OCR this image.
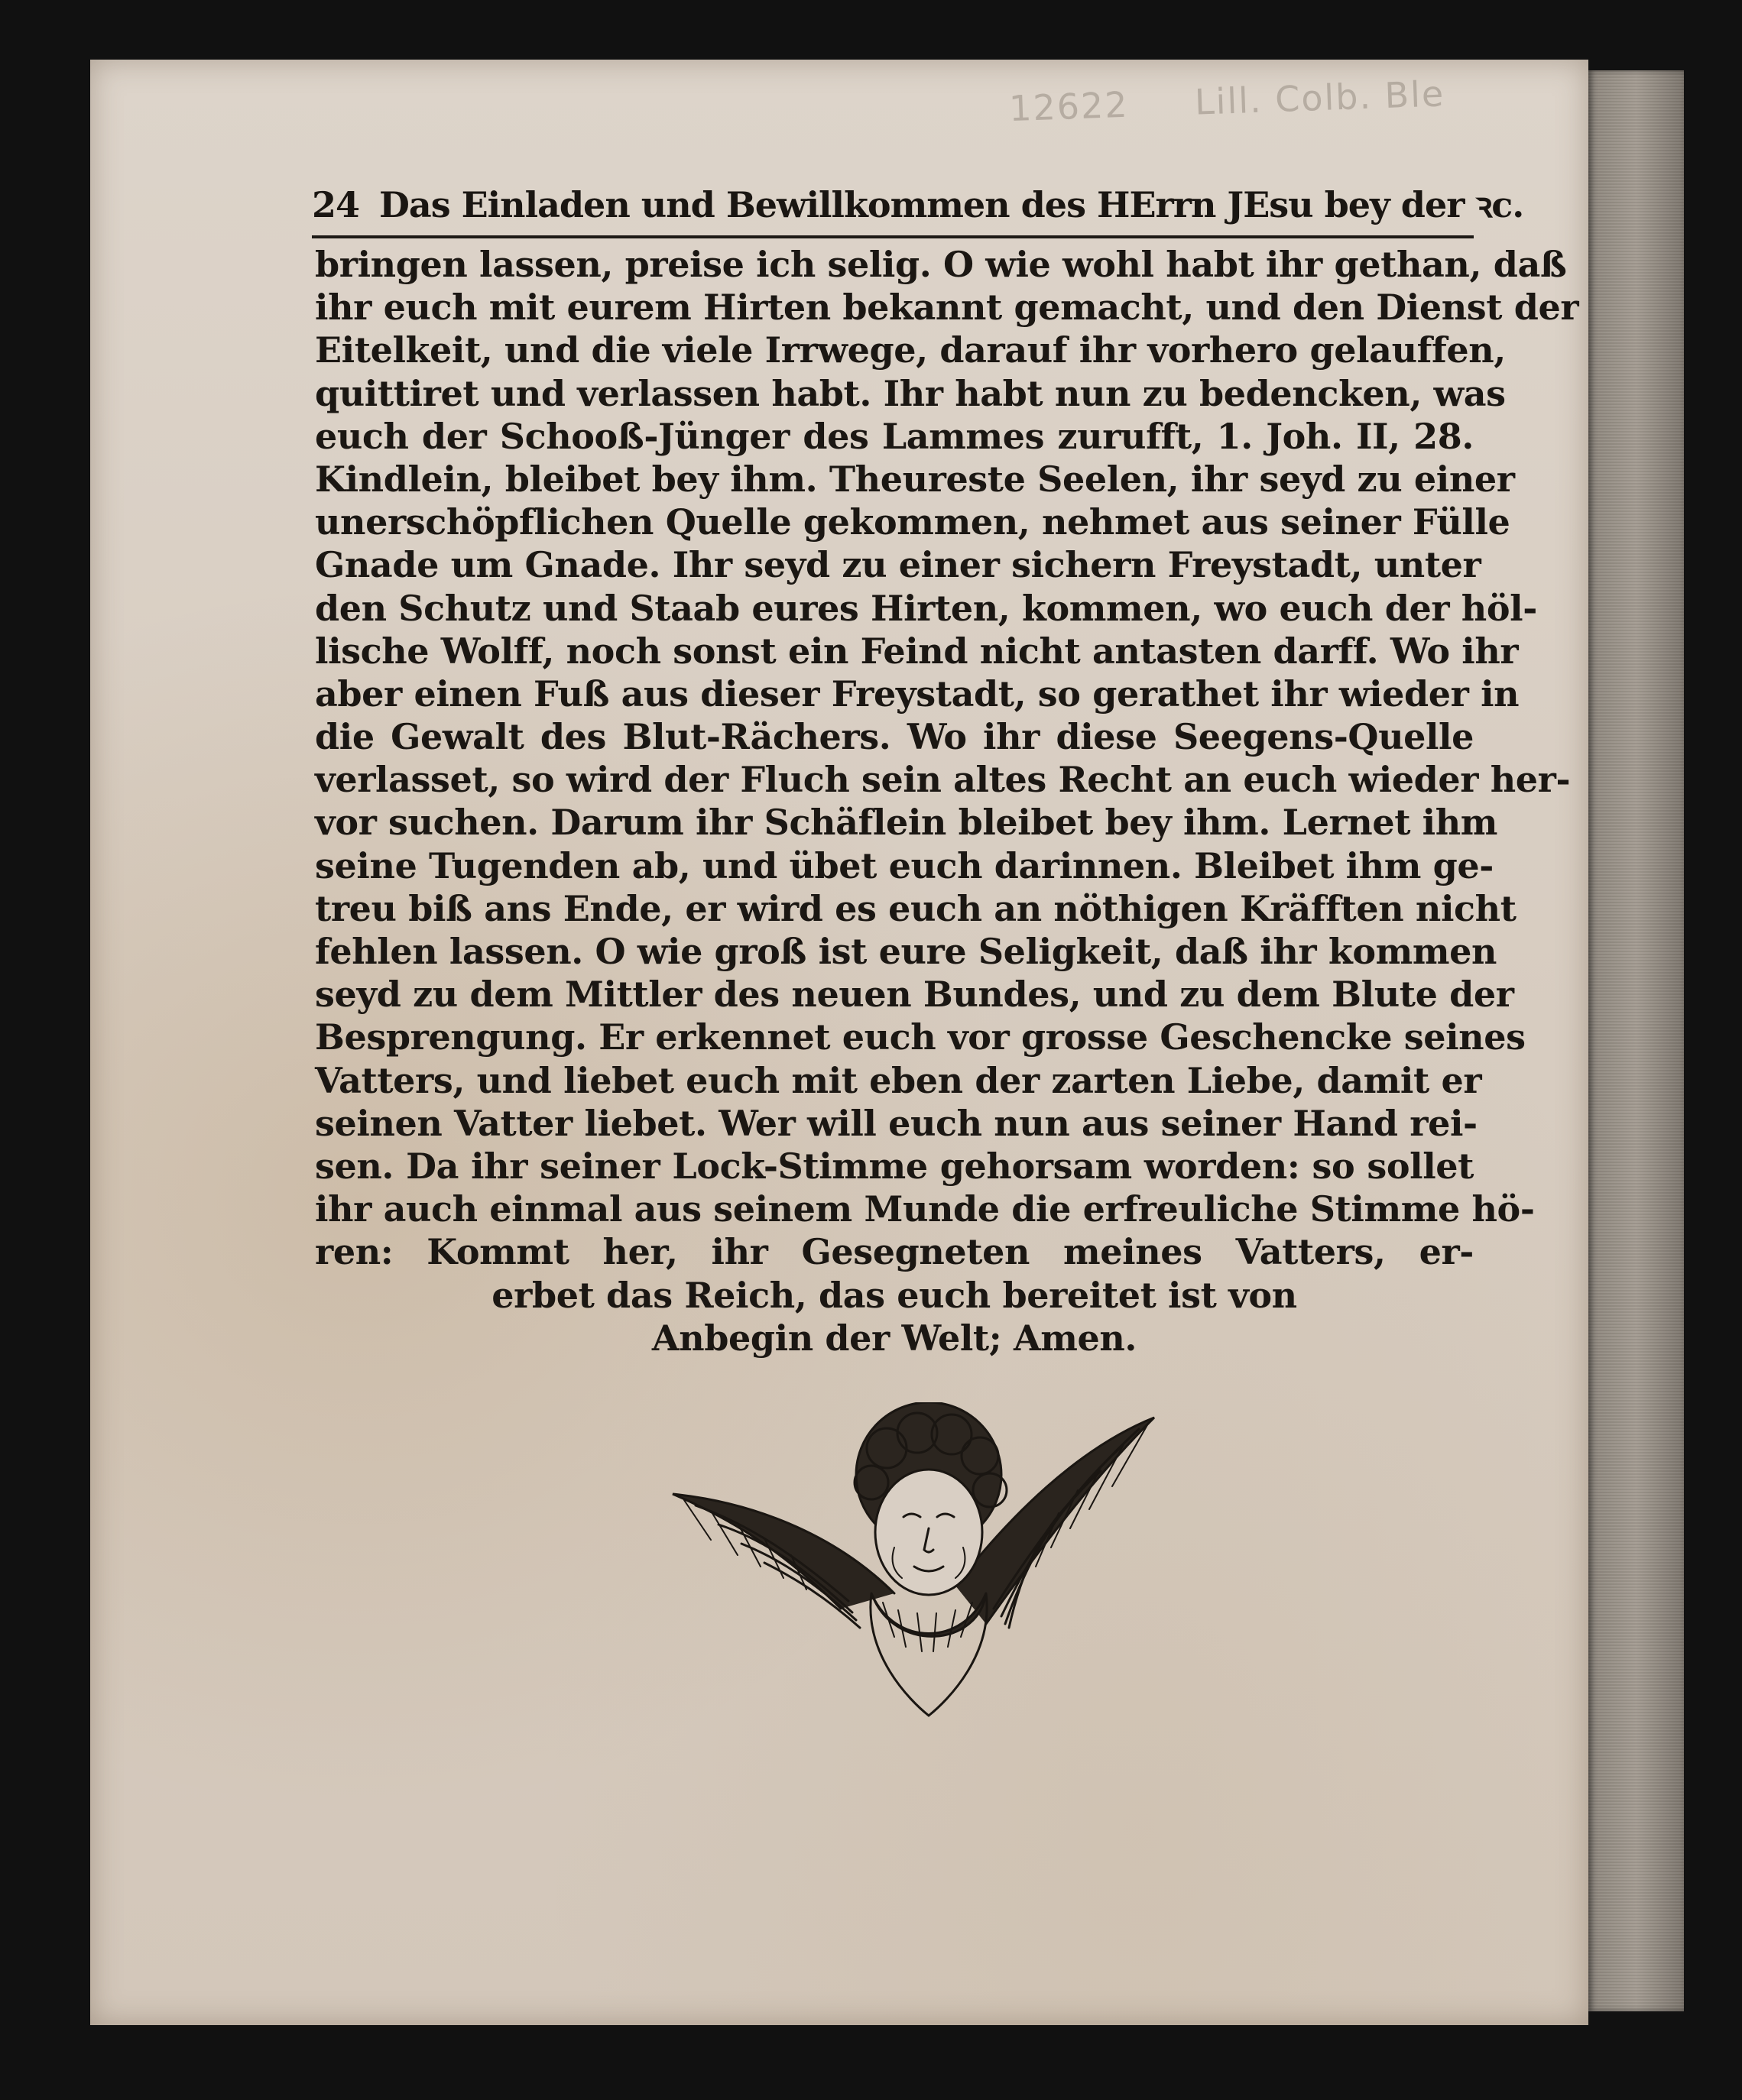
12622 Lill. Colb. Ble
24 Das Einladen und Bewillkommen des HErrn JEsu bey der ꝛc.
bringen lassen, preise ich selig. O wie wohl habt ihr gethan, daß
ihr euch mit eurem Hirten bekannt gemacht, und den Dienst der
Eitelkeit, und die viele Irrwege, darauf ihr vorhero gelauffen,
quittiret und verlassen habt. Ihr habt nun zu bedencken, was
euch der Schooß-Jünger des Lammes zurufft, 1. Joh. II, 28.
Kindlein, bleibet bey ihm. Theureste Seelen, ihr seyd zu einer
unerschöpflichen Quelle gekommen, nehmet aus seiner Fülle
Gnade um Gnade. Ihr seyd zu einer sichern Freystadt, unter
den Schutz und Staab eures Hirten, kommen, wo euch der höl-
lische Wolff, noch sonst ein Feind nicht antasten darff. Wo ihr
aber einen Fuß aus dieser Freystadt, so gerathet ihr wieder in
die Gewalt des Blut-Rächers. Wo ihr diese Seegens-Quelle
verlasset, so wird der Fluch sein altes Recht an euch wieder her-
vor suchen. Darum ihr Schäflein bleibet bey ihm. Lernet ihm
seine Tugenden ab, und übet euch darinnen. Bleibet ihm ge-
treu biß ans Ende, er wird es euch an nöthigen Kräfften nicht
fehlen lassen. O wie groß ist eure Seligkeit, daß ihr kommen
seyd zu dem Mittler des neuen Bundes, und zu dem Blute der
Besprengung. Er erkennet euch vor grosse Geschencke seines
Vatters, und liebet euch mit eben der zarten Liebe, damit er
seinen Vatter liebet. Wer will euch nun aus seiner Hand rei-
sen. Da ihr seiner Lock-Stimme gehorsam worden: so sollet
ihr auch einmal aus seinem Munde die erfreuliche Stimme hö-
ren: Kommt her, ihr Gesegneten meines Vatters, er-
erbet das Reich, das euch bereitet ist von
Anbegin der Welt; Amen.
